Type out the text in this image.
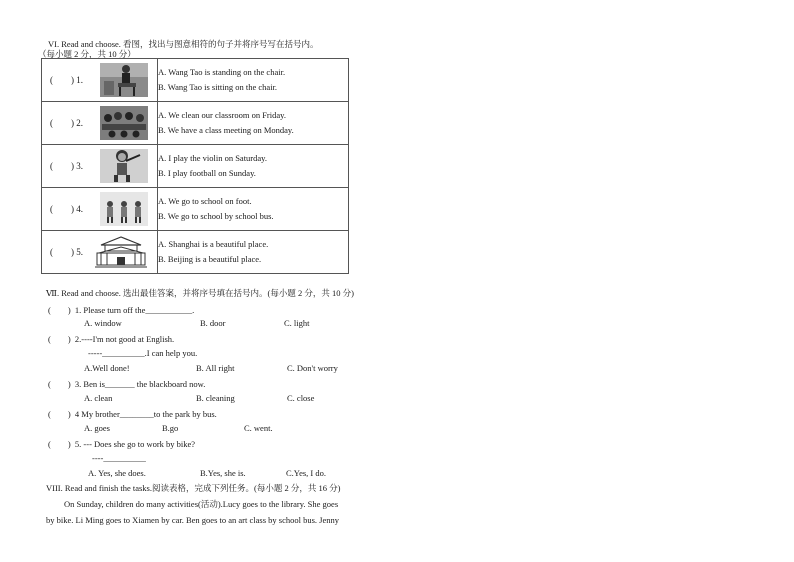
VI. Read and choose. 看图，找出与图意相符的句子并将序号写在括号内。
（每小题 2 分，共 10 分）
(　　) 1.	A. Wang Tao is standing on the chair.
B. Wang Tao is sitting on the chair.

(　　) 2.	A. We clean our classroom on Friday.
B. We have a class meeting on Monday.

(　　) 3.	A. I play the violin on Saturday.
B. I play football on Sunday.

(　　) 4.	A. We go to school on foot.
B. We go to school by school bus.

(　　) 5.	A. Shanghai is a beautiful place.
B. Beijing is a beautiful place.
Ⅶ. Read and choose. 选出最佳答案，并将序号填在括号内。(每小题 2 分，共 10 分)
(　　) 1. Please turn off the___________.
A. window	B. door	C. light
(　　) 2.----I'm not good at English.
-----__________.I can help you.
A.Well done!	B. All right	C. Don't worry
(　　) 3. Ben is_______ the blackboard now.
A. clean	B. cleaning	C. close
(　　) 4 My brother________to the park by bus.
A. goes	B.go	C. went.
(　　) 5. --- Does she go to work by bike?
----__________
A. Yes, she does.	B.Yes, she is.	C.Yes, I do.
VIII. Read and finish the tasks.阅读表格，完成下列任务。(每小题 2 分，共 16 分)
On Sunday, children do many activities(活动).Lucy goes to the library. She goes
by bike. Li Ming goes to Xiamen by car. Ben goes to an art class by school bus. Jenny
